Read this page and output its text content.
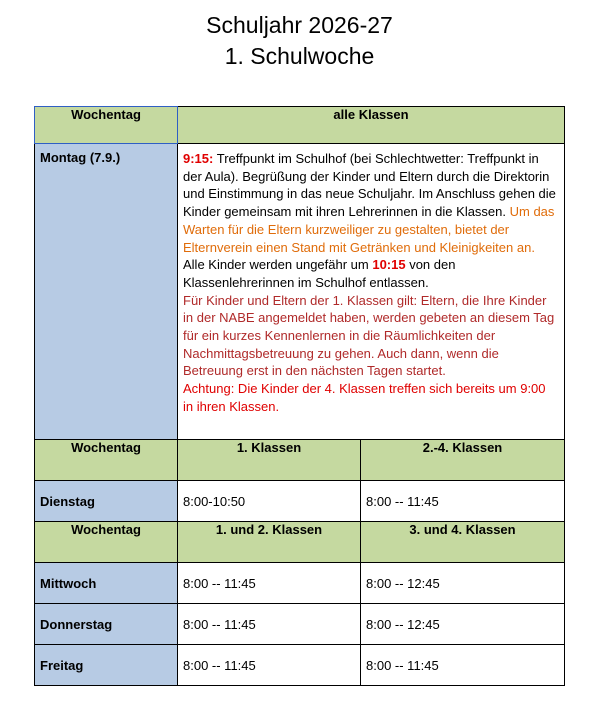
Schuljahr 2026-27

1. Schulwoche
Wochentag	alle Klassen	
Montag (7.9.)	9:15: Treffpunkt im Schulhof (bei Schlechtwetter: Treffpunkt in der Aula). Begrüßung der Kinder und Eltern durch die Direktorin und Einstimmung in das neue Schuljahr. Im Anschluss gehen die Kinder gemeinsam mit ihren Lehrerinnen in die Klassen. Um das Warten für die Eltern kurzweiliger zu gestalten, bietet der Elternverein einen Stand mit Getränken und Kleinigkeiten an.
Alle Kinder werden ungefähr um 10:15 von den Klassenlehrerinnen im Schulhof entlassen.
Für Kinder und Eltern der 1. Klassen gilt: Eltern, die Ihre Kinder in der NABE angemeldet haben, werden gebeten an diesem Tag für ein kurzes Kennenlernen in die Räumlichkeiten der Nachmittagsbetreuung zu gehen. Auch dann, wenn die Betreuung erst in den nächsten Tagen startet.
Achtung: Die Kinder der 4. Klassen treffen sich bereits um 9:00 in ihren Klassen.	
Wochentag	1. Klassen	2.-4. Klassen
Dienstag	8:00-10:50	8:00 -- 11:45
Wochentag	1. und 2. Klassen	3. und 4. Klassen
Mittwoch	8:00 -- 11:45	8:00 -- 12:45
Donnerstag	8:00 -- 11:45	8:00 -- 12:45
Freitag	8:00 -- 11:45	8:00 -- 11:45
